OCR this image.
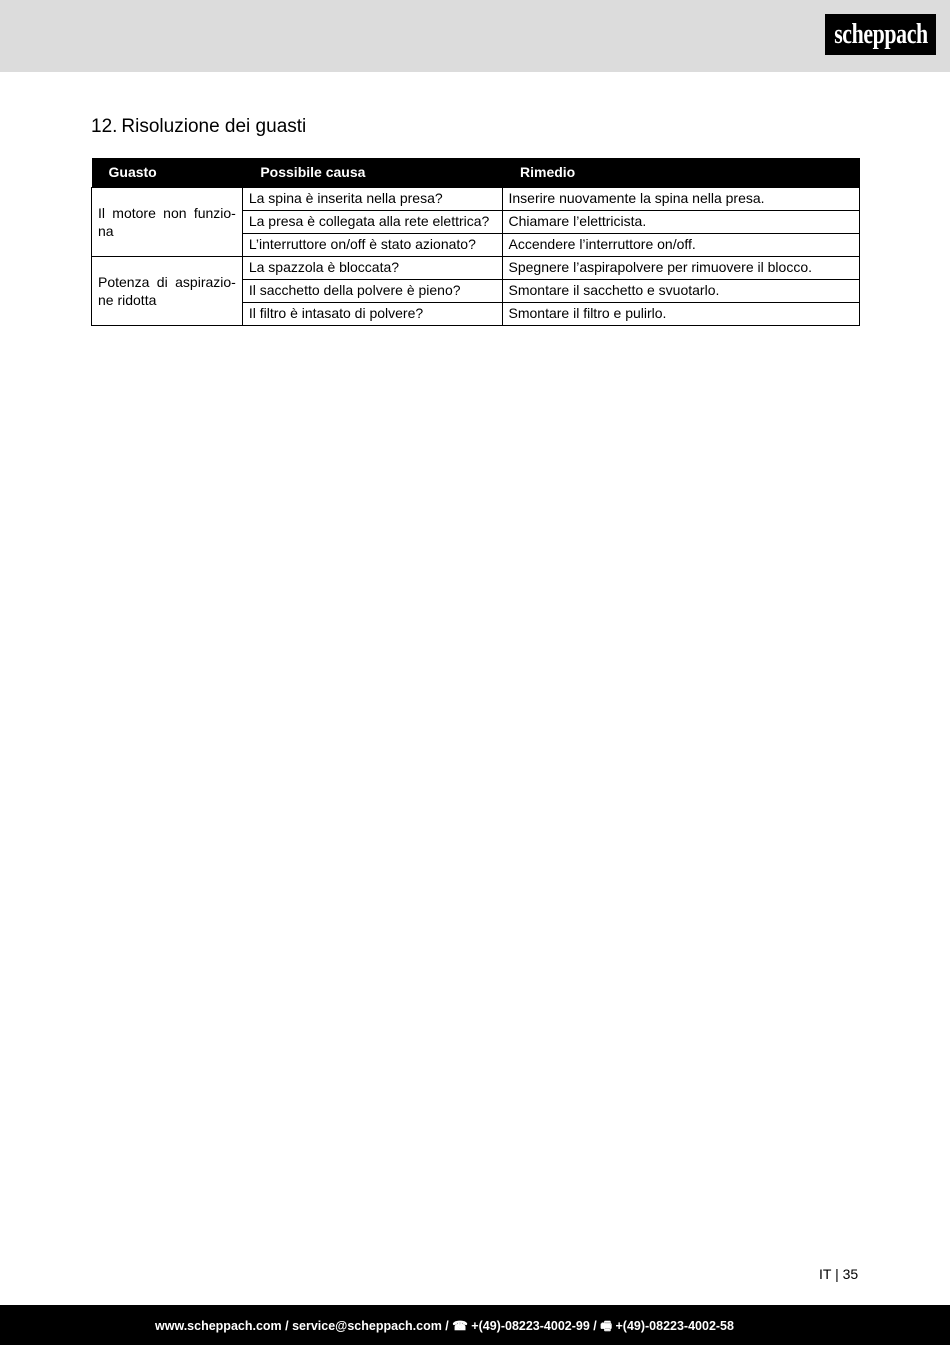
scheppach
12. Risoluzione dei guasti
Guasto	Possibile causa	Rimedio
Il motore non funzio-na	La spina è inserita nella presa?	Inserire nuovamente la spina nella presa.
	La presa è collegata alla rete elettrica?	Chiamare l’elettricista.
	L’interruttore on/off è stato azionato?	Accendere l’interruttore on/off.
Potenza di aspirazio-ne ridotta	La spazzola è bloccata?	Spegnere l’aspirapolvere per rimuovere il blocco.
	Il sacchetto della polvere è pieno?	Smontare il sacchetto e svuotarlo.
	Il filtro è intasato di polvere?	Smontare il filtro e pulirlo.
IT | 35
www.scheppach.com / service@scheppach.com / ☎ +(49)-08223-4002-99 / 🖷 +(49)-08223-4002-58
